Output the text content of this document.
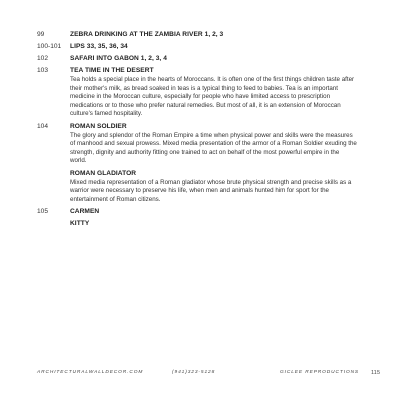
99	ZEBRA DRINKING AT THE ZAMBIA RIVER 1, 2, 3
100-101	LIPS 33, 35, 36, 34
102	SAFARI INTO GABON 1, 2, 3, 4
103	TEA TIME IN THE DESERT
Tea holds a special place in the hearts of Moroccans. It is often one of the first things children taste after their mother's milk, as bread soaked in teas is a typical thing to feed to babies. Tea is an important medicine in the Moroccan culture, especially for people who have limited access to prescription medications or to those who prefer natural remedies. But most of all, it is an extension of Moroccan culture's famed hospitality.
104	ROMAN SOLDIER
The glory and splendor of the Roman Empire a time when physical power and skills were the measures of manhood and sexual prowess. Mixed media presentation of the armor of a Roman Soldier exuding the strength, dignity and authority fitting one trained to act on behalf of the most powerful empire in the world.
ROMAN GLADIATOR
Mixed media representation of a Roman gladiator whose brute physical strength and precise skills as a warrior were necessary to preserve his life, when men and animals hunted him for sport for the entertainment of Roman citizens.
105	CARMEN
KITTY
ARCHITECTURALWALLDECOR.COM	(941)323-5128	GICLEE REPRODUCTIONS 115
